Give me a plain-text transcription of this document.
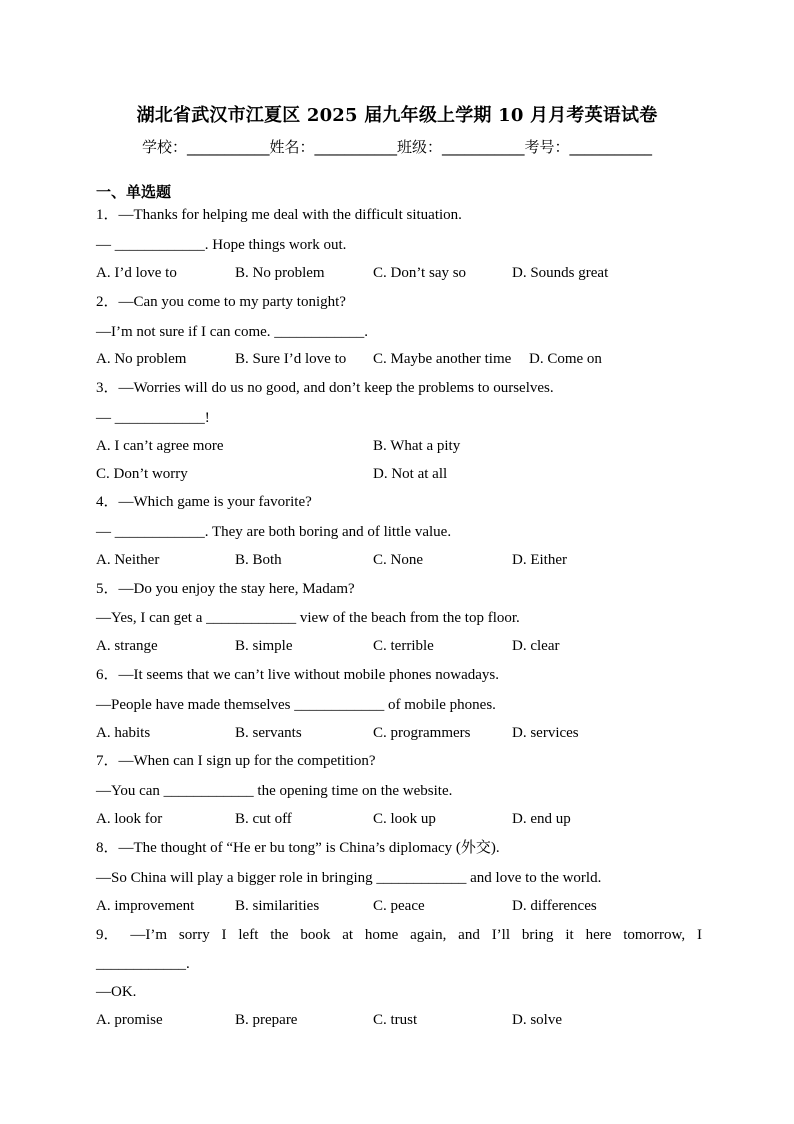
湖北省武汉市江夏区 2025 届九年级上学期 10 月月考英语试卷
学校：___________姓名：___________班级：___________考号：___________
一、单选题
1．—Thanks for helping me deal with the difficult situation.
— ____________. Hope things work out.
A. I’d love to	B. No problem	C. Don’t say so	D. Sounds great
2．—Can you come to my party tonight?
—I’m not sure if I can come. ____________.
A. No problem	B. Sure I’d love to C. Maybe another time D. Come on
3．—Worries will do us no good, and don’t keep the problems to ourselves.
— ____________!
A. I can’t agree more	B. What a pity
C. Don’t worry	D. Not at all
4．—Which game is your favorite?
— ____________. They are both boring and of little value.
A. Neither	B. Both	C. None	D. Either
5．—Do you enjoy the stay here, Madam?
—Yes, I can get a ____________ view of the beach from the top floor.
A. strange	B. simple	C. terrible	D. clear
6．—It seems that we can’t live without mobile phones nowadays.
—People have made themselves ____________ of mobile phones.
A. habits	B. servants	C. programmers	D. services
7．—When can I sign up for the competition?
—You can ____________ the opening time on the website.
A. look for	B. cut off	C. look up	D. end up
8．—The thought of “He er bu tong” is China’s diplomacy (外交).
—So China will play a bigger role in bringing ____________ and love to the world.
A. improvement	B. similarities	C. peace	D. differences
9． —I’m sorry I left the book at home again, and I’ll bring it here tomorrow, I
____________.
—OK.
A. promise	B. prepare	C. trust	D. solve
